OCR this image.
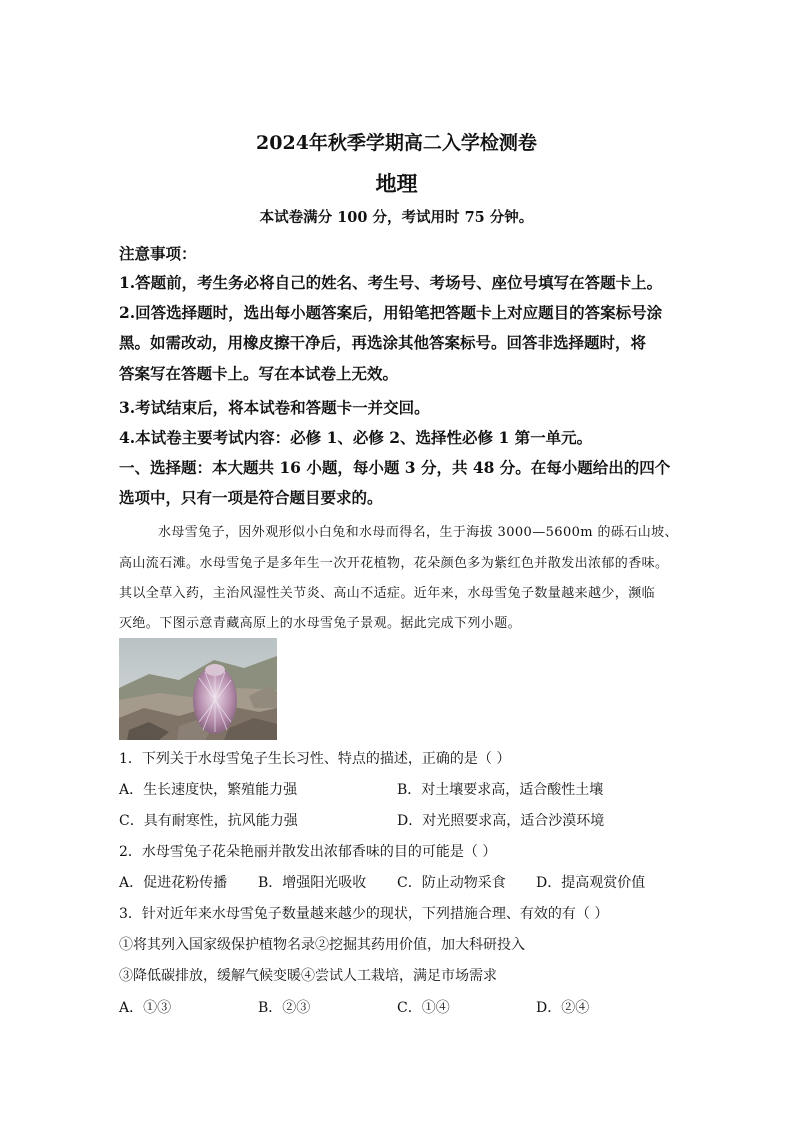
2024年秋季学期高二入学检测卷
地理
本试卷满分 100 分，考试用时 75 分钟。
注意事项：
1.答题前，考生务必将自己的姓名、考生号、考场号、座位号填写在答题卡上。
2.回答选择题时，选出每小题答案后，用铅笔把答题卡上对应题目的答案标号涂
黑。如需改动，用橡皮擦干净后，再选涂其他答案标号。回答非选择题时，将
答案写在答题卡上。写在本试卷上无效。
3.考试结束后，将本试卷和答题卡一并交回。
4.本试卷主要考试内容：必修 1、必修 2、选择性必修 1 第一单元。
一、选择题：本大题共 16 小题，每小题 3 分，共 48 分。在每小题给出的四个
选项中，只有一项是符合题目要求的。
水母雪兔子，因外观形似小白兔和水母而得名，生于海拔 3000—5600m 的砾石山坡、
高山流石滩。水母雪兔子是多年生一次开花植物，花朵颜色多为紫红色并散发出浓郁的香味。
其以全草入药，主治风湿性关节炎、高山不适症。近年来，水母雪兔子数量越来越少，濒临
灭绝。下图示意青藏高原上的水母雪兔子景观。据此完成下列小题。
1．下列关于水母雪兔子生长习性、特点的描述，正确的是（ ）
A．生长速度快，繁殖能力强	B．对土壤要求高，适合酸性土壤
C．具有耐寒性，抗风能力强	D．对光照要求高，适合沙漠环境
2．水母雪兔子花朵艳丽并散发出浓郁香味的目的可能是（ ）
A．促进花粉传播 B．增强阳光吸收 C．防止动物采食 D．提高观赏价值
3．针对近年来水母雪兔子数量越来越少的现状，下列措施合理、有效的有（ ）
①将其列入国家级保护植物名录②挖掘其药用价值，加大科研投入
③降低碳排放，缓解气候变暖④尝试人工栽培，满足市场需求
A．①③	B．②③	C．①④	D．②④
